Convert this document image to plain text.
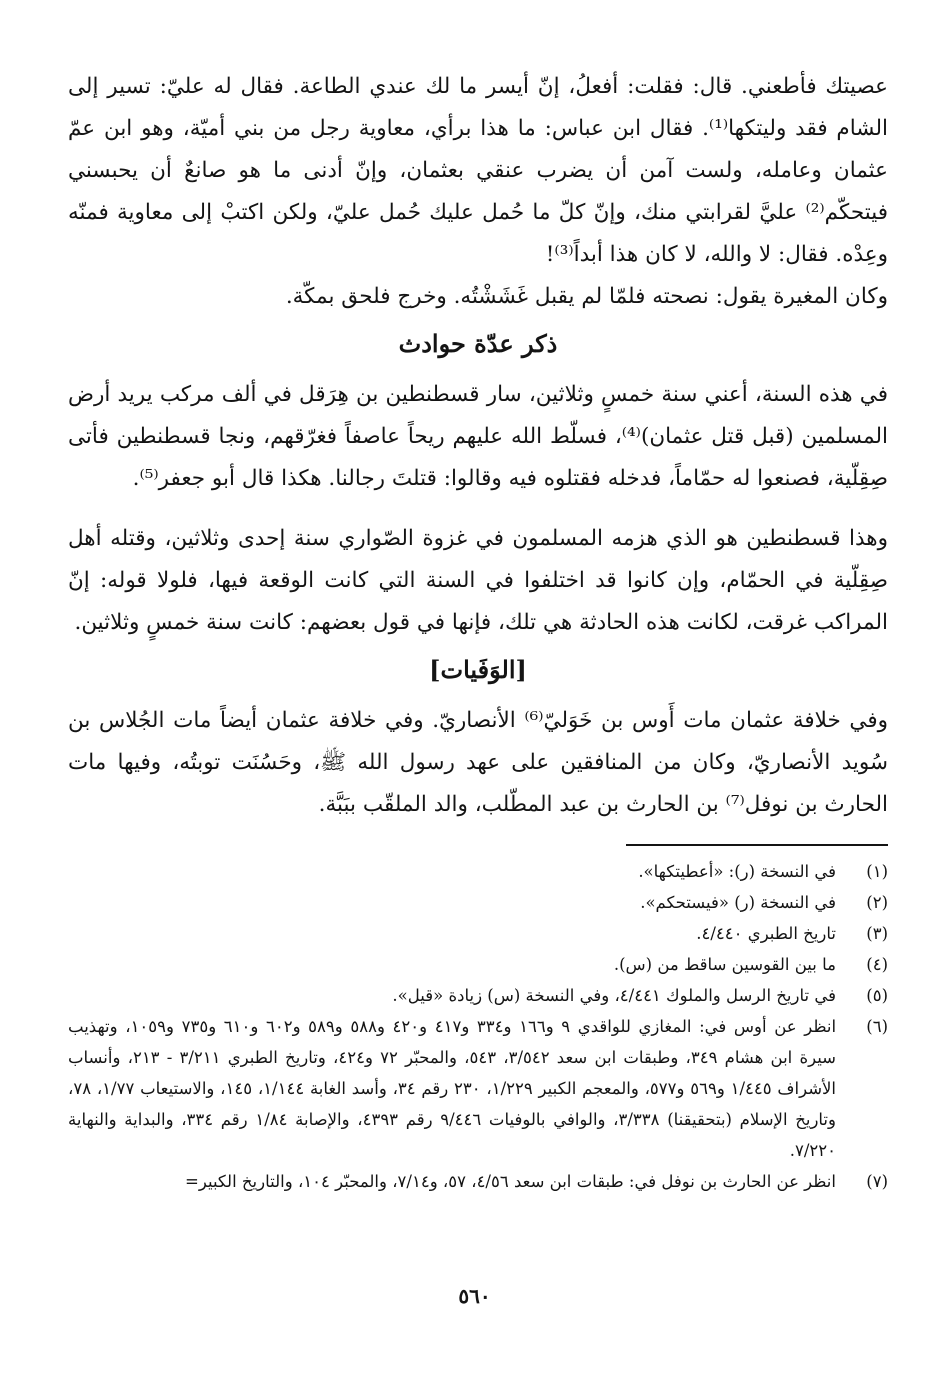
عصيتك فأطعني. قال: فقلت: أفعلُ، إنّ أيسر ما لك عندي الطاعة. فقال له عليّ: تسير إلى الشام فقد وليتكها⁽¹⁾. فقال ابن عباس: ما هذا برأي، معاوية رجل من بني أميّة، وهو ابن عمّ عثمان وعامله، ولست آمن أن يضرب عنقي بعثمان، وإنّ أدنى ما هو صانعٌ أن يحبسني فيتحكّم⁽²⁾ عليَّ لقرابتي منك، وإنّ كلّ ما حُمل عليك حُمل عليّ، ولكن اكتبْ إلى معاوية فمنّه وعِدْه. فقال: لا والله، لا كان هذا أبداً⁽³⁾!

وكان المغيرة يقول: نصحته فلمّا لم يقبل غَشَشْتُه. وخرج فلحق بمكّة.

ذكر عدّة حوادث

في هذه السنة، أعني سنة خمسٍ وثلاثين، سار قسطنطين بن هِرَقل في ألف مركب يريد أرض المسلمين (قبل قتل عثمان)⁽⁴⁾، فسلّط الله عليهم ريحاً عاصفاً فغرّقهم، ونجا قسطنطين فأتى صِقِلّية، فصنعوا له حمّاماً، فدخله فقتلوه فيه وقالوا: قتلتَ رجالنا. هكذا قال أبو جعفر⁽⁵⁾.

وهذا قسطنطين هو الذي هزمه المسلمون في غزوة الصّواري سنة إحدى وثلاثين، وقتله أهل صِقِلّية في الحمّام، وإن كانوا قد اختلفوا في السنة التي كانت الوقعة فيها، فلولا قوله: إنّ المراكب غرقت، لكانت هذه الحادثة هي تلك، فإنها في قول بعضهم: كانت سنة خمسٍ وثلاثين.

[الوَفَيات]

وفي خلافة عثمان مات أَوس بن خَوَليّ⁽⁶⁾ الأنصاريّ. وفي خلافة عثمان أيضاً مات الجُلاس بن سُويد الأنصاريّ، وكان من المنافقين على عهد رسول الله ﷺ، وحَسُنَت توبتُه، وفيها مات الحارث بن نوفل⁽⁷⁾ بن الحارث بن عبد المطّلب، والد الملقّب ببَبَّة.

(١)
في النسخة (ر): «أعطيتكها».
(٢)
في النسخة (ر) «فيستحكم».
(٣)
تاريخ الطبري ٤/٤٤٠.
(٤)
ما بين القوسين ساقط من (س).
(٥)
في تاريخ الرسل والملوك ٤/٤٤١، وفي النسخة (س) زيادة «قيل».
(٦)
انظر عن أوس في: المغازي للواقدي ٩ و١٦٦ و٣٣٤ و٤١٧ و٤٢٠ و٥٨٨ و٥٨٩ و٦٠٢ و٦١٠ و٧٣٥ و١٠٥٩، وتهذيب سيرة ابن هشام ٣٤٩، وطبقات ابن سعد ٣/٥٤٢، ٥٤٣، والمحبّر ٧٢ و٤٢٤، وتاريخ الطبري ٣/٢١١ - ٢١٣، وأنساب الأشراف ١/٤٤٥ و٥٦٩ و٥٧٧، والمعجم الكبير ١/٢٢٩، ٢٣٠ رقم ٣٤، وأسد الغابة ١/١٤٤، ١٤٥، والاستيعاب ١/٧٧، ٧٨، وتاريخ الإسلام (بتحقيقنا) ٣/٣٣٨، والوافي بالوفيات ٩/٤٤٦ رقم ٤٣٩٣، والإصابة ١/٨٤ رقم ٣٣٤، والبداية والنهاية ٧/٢٢٠.
(٧)
انظر عن الحارث بن نوفل في: طبقات ابن سعد ٤/٥٦، ٥٧، و٧/١٤، والمحبّر ١٠٤، والتاريخ الكبير=
٥٦٠
